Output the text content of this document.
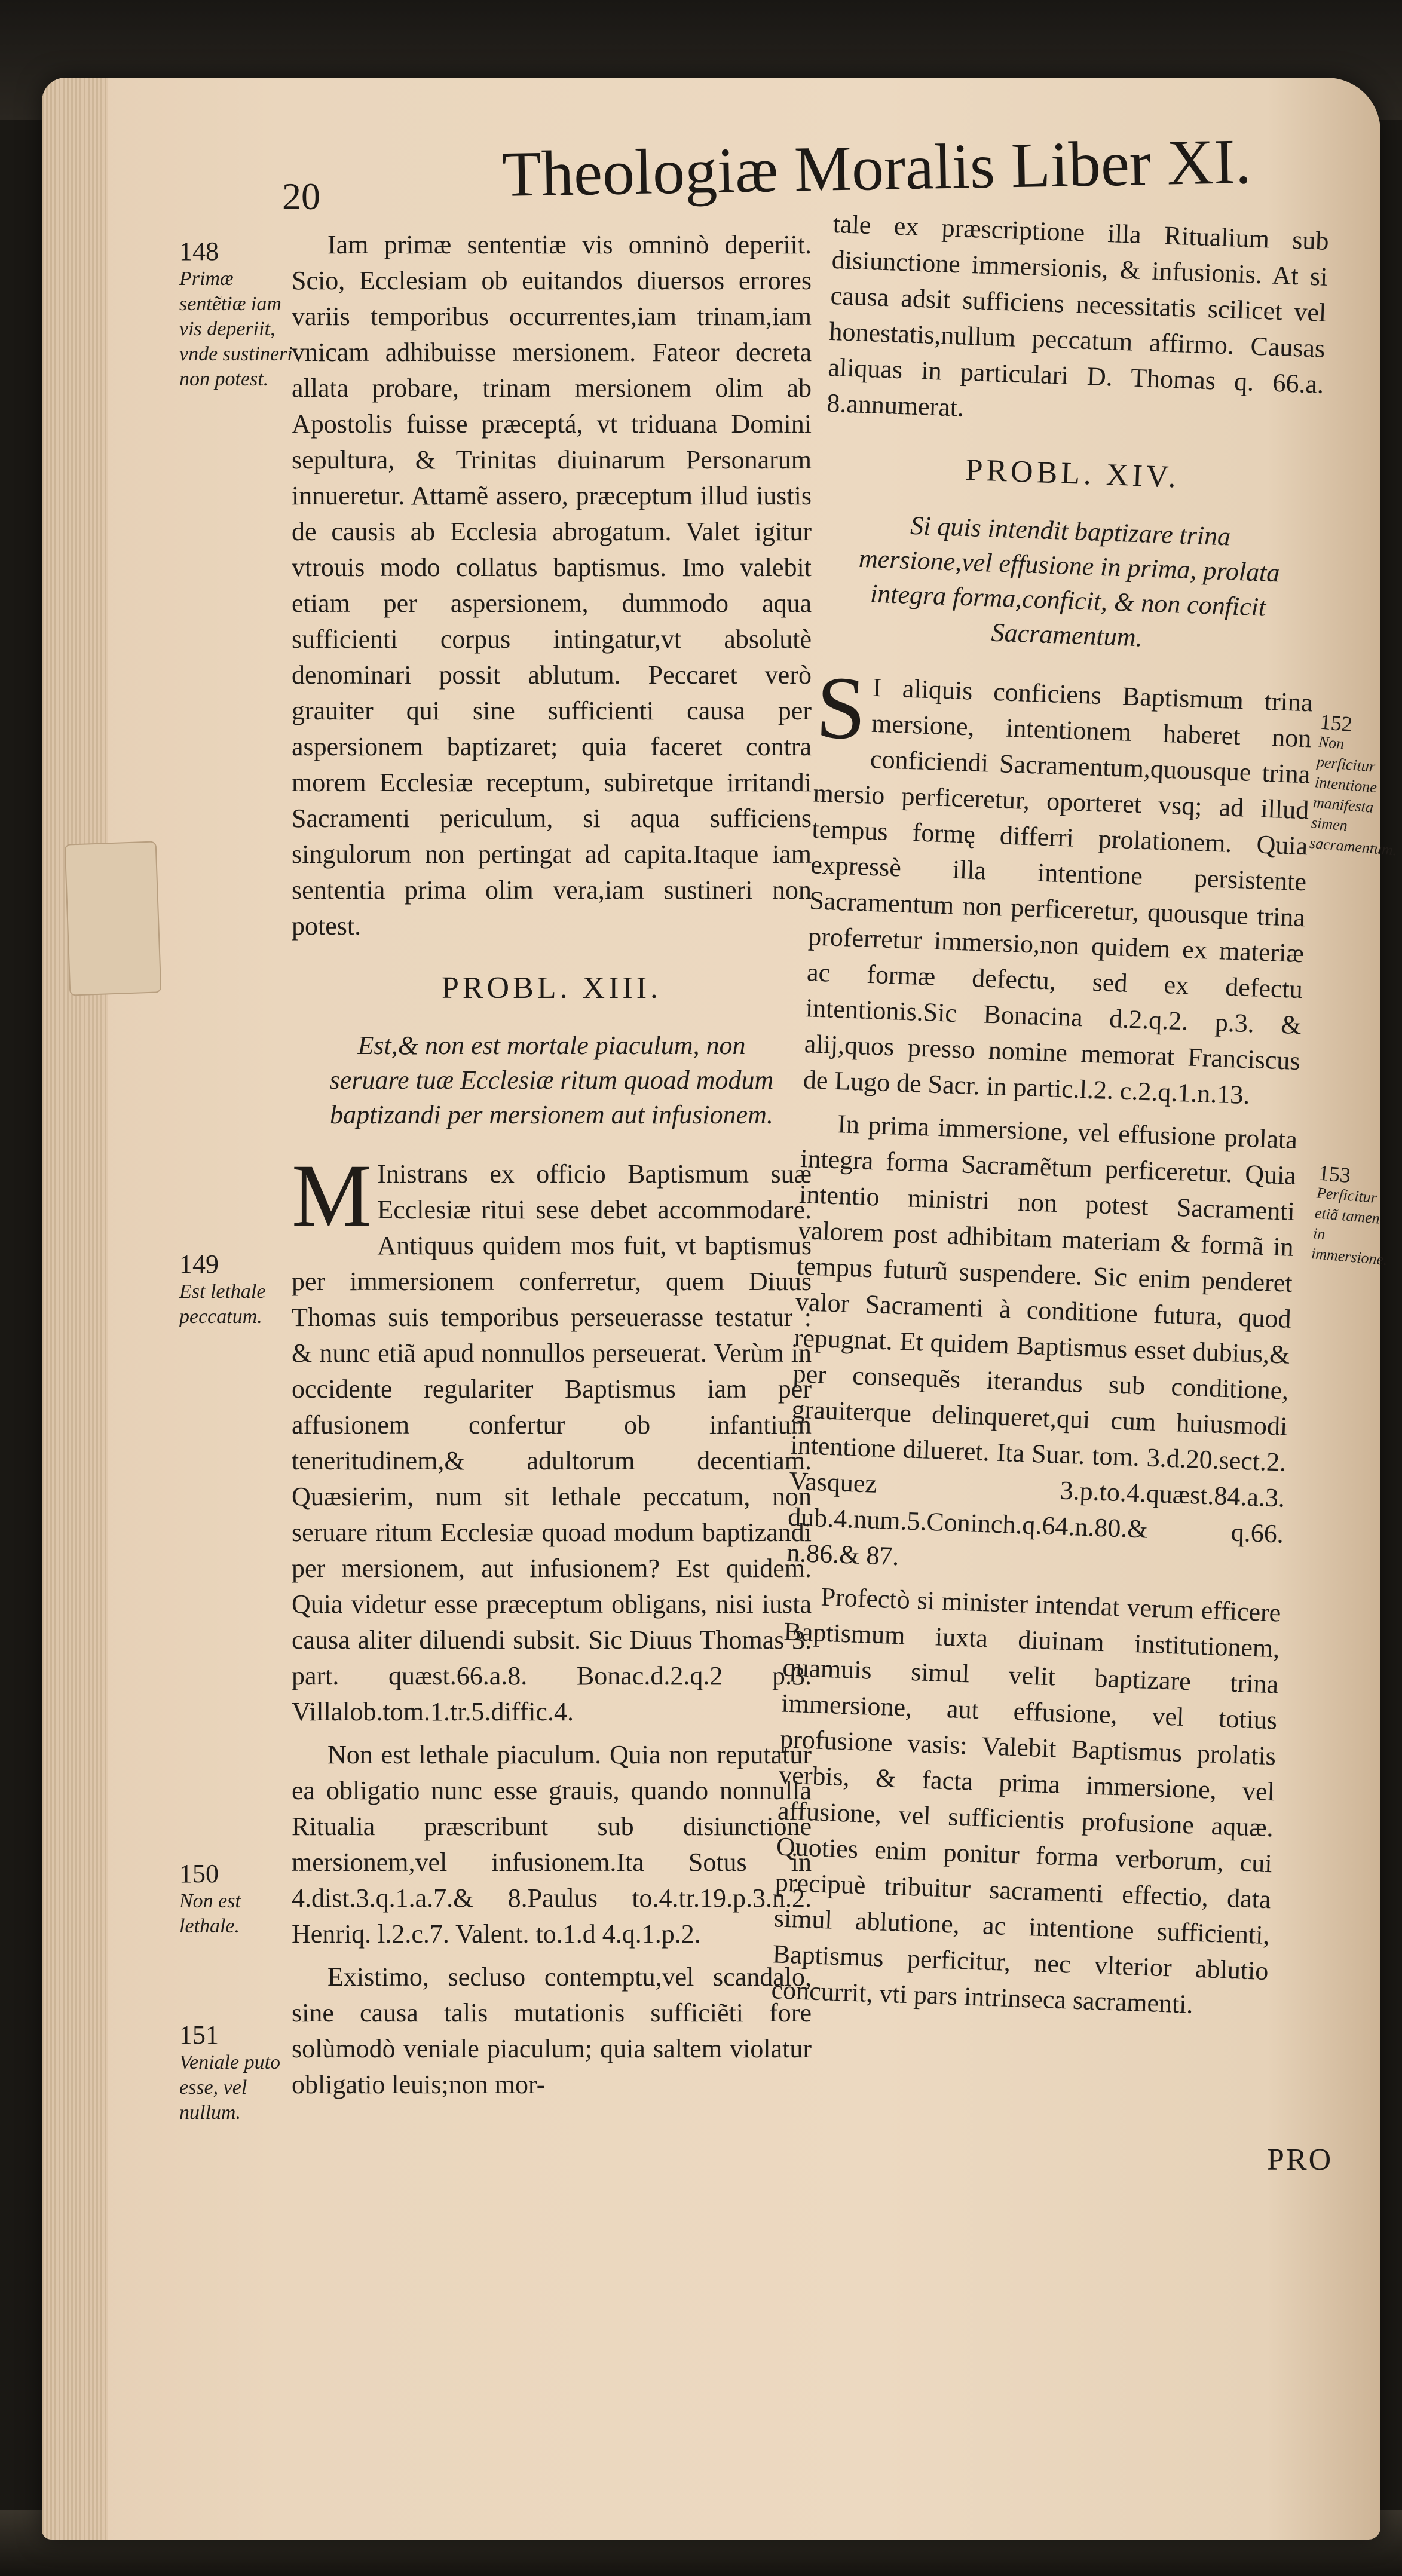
20	Theologiæ Moralis Liber XI.
148
Primæ sentẽtiæ iam vis deperiit, vnde sustineri non potest.
149
Est lethale peccatum.
150
Non est lethale.
151
Veniale puto esse, vel nullum.

Iam primæ sententiæ vis omninò deperiit. Scio, Ecclesiam ob euitandos diuersos errores variis temporibus occurrentes,iam trinam,iam vnicam adhibuisse mersionem. Fateor decreta allata probare, trinam mersionem olim ab Apostolis fuisse præceptá, vt triduana Domini sepultura, & Trinitas diuinarum Personarum innueretur. Attamẽ assero, præceptum illud iustis de causis ab Ecclesia abrogatum. Valet igitur vtrouis modo collatus baptismus. Imo valebit etiam per aspersionem, dummodo aqua sufficienti corpus intingatur,vt absolutè denominari possit ablutum. Peccaret verò grauiter qui sine sufficienti causa per aspersionem baptizaret; quia faceret contra morem Ecclesiæ receptum, subiretque irritandi Sacramenti periculum, si aqua sufficiens singulorum non pertingat ad capita.Itaque iam sententia prima olim vera,iam sustineri non potest.

PROBL. XIII.
Est,& non est mortale piaculum, non seruare tuæ Ecclesiæ ritum quoad modum baptizandi per mersionem aut infusionem.

M Inistrans ex officio Baptismum suæ Ecclesiæ ritui sese debet accommodare. Antiquus quidem mos fuit, vt baptismus per immersionem conferretur, quem Diuus Thomas suis temporibus perseuerasse testatur : & nunc etiã apud nonnullos perseuerat. Verùm in occidente regulariter Baptismus iam per affusionem confertur ob infantium teneritudinem,& adultorum decentiam. Quæsierim, num sit lethale peccatum, non seruare ritum Ecclesiæ quoad modum baptizandi per mersionem, aut infusionem? Est quidem. Quia videtur esse præceptum obligans, nisi iusta causa aliter diluendi subsit. Sic Diuus Thomas 3. part. quæst.66.a.8. Bonac.d.2.q.2 p.3. Villalob.tom.1.tr.5.diffic.4.

Non est lethale piaculum. Quia non reputatur ea obligatio nunc esse grauis, quando nonnulla Ritualia præscribunt sub disiunctione mersionem,vel infusionem.Ita Sotus in 4.dist.3.q.1.a.7.& 8.Paulus to.4.tr.19.p.3.n.2. Henriq. l.2.c.7. Valent. to.1.d 4.q.1.p.2.

Existimo, secluso contemptu,vel scandalo, sine causa talis mutationis sufficiẽti fore solùmodò veniale piaculum; quia saltem violatur obligatio leuis;non mor-

tale ex præscriptione illa Ritualium sub disiunctione immersionis, & infusionis. At si causa adsit sufficiens necessitatis scilicet vel honestatis,nullum peccatum affirmo. Causas aliquas in particulari D. Thomas q. 66.a. 8.annumerat.

PROBL. XIV.
Si quis intendit baptizare trina mersione,vel effusione in prima, prolata integra forma,conficit, & non conficit Sacramentum.

S I aliquis conficiens Baptismum trina mersione, intentionem haberet non conficiendi Sacramentum,quousque trina mersio perficeretur, oporteret vsq; ad illud tempus formę differri prolationem. Quia expressè illa intentione persistente Sacramentum non perficeretur, quousque trina proferretur immersio,non quidem ex materiæ ac formæ defectu, sed ex defectu intentionis.Sic Bonacina d.2.q.2. p.3. & alij,quos presso nomine memorat Franciscus de Lugo de Sacr. in partic.l.2. c.2.q.1.n.13.

In prima immersione, vel effusione prolata integra forma Sacramẽtum perficeretur. Quia intentio ministri non potest Sacramenti valorem post adhibitam materiam & formã in tempus futurũ suspendere. Sic enim penderet valor Sacramenti à conditione futura, quod repugnat. Et quidem Baptismus esset dubius,& per consequẽs iterandus sub conditione, grauiterque delinqueret,qui cum huiusmodi intentione dilueret. Ita Suar. tom. 3.d.20.sect.2. Vasquez 3.p.to.4.quæst.84.a.3. dub.4.num.5.Coninch.q.64.n.80.& q.66. n.86.& 87.

Profectò si minister intendat verum efficere Baptismum iuxta diuinam institutionem, quamuis simul velit baptizare trina immersione, aut effusione, vel totius profusione vasis: Valebit Baptismus prolatis verbis, & facta prima immersione, vel affusione, vel sufficientis profusione aquæ. Quoties enim ponitur forma verborum, cui precipuè tribuitur sacramenti effectio, data simul ablutione, ac intentione sufficienti, Baptismus perficitur, nec vlterior ablutio concurrit, vti pars intrinseca sacramenti.

152
Non perficitur intentione manifesta simen sacramentum.
153
Perficitur etiã tamen in immersione.
PRO
